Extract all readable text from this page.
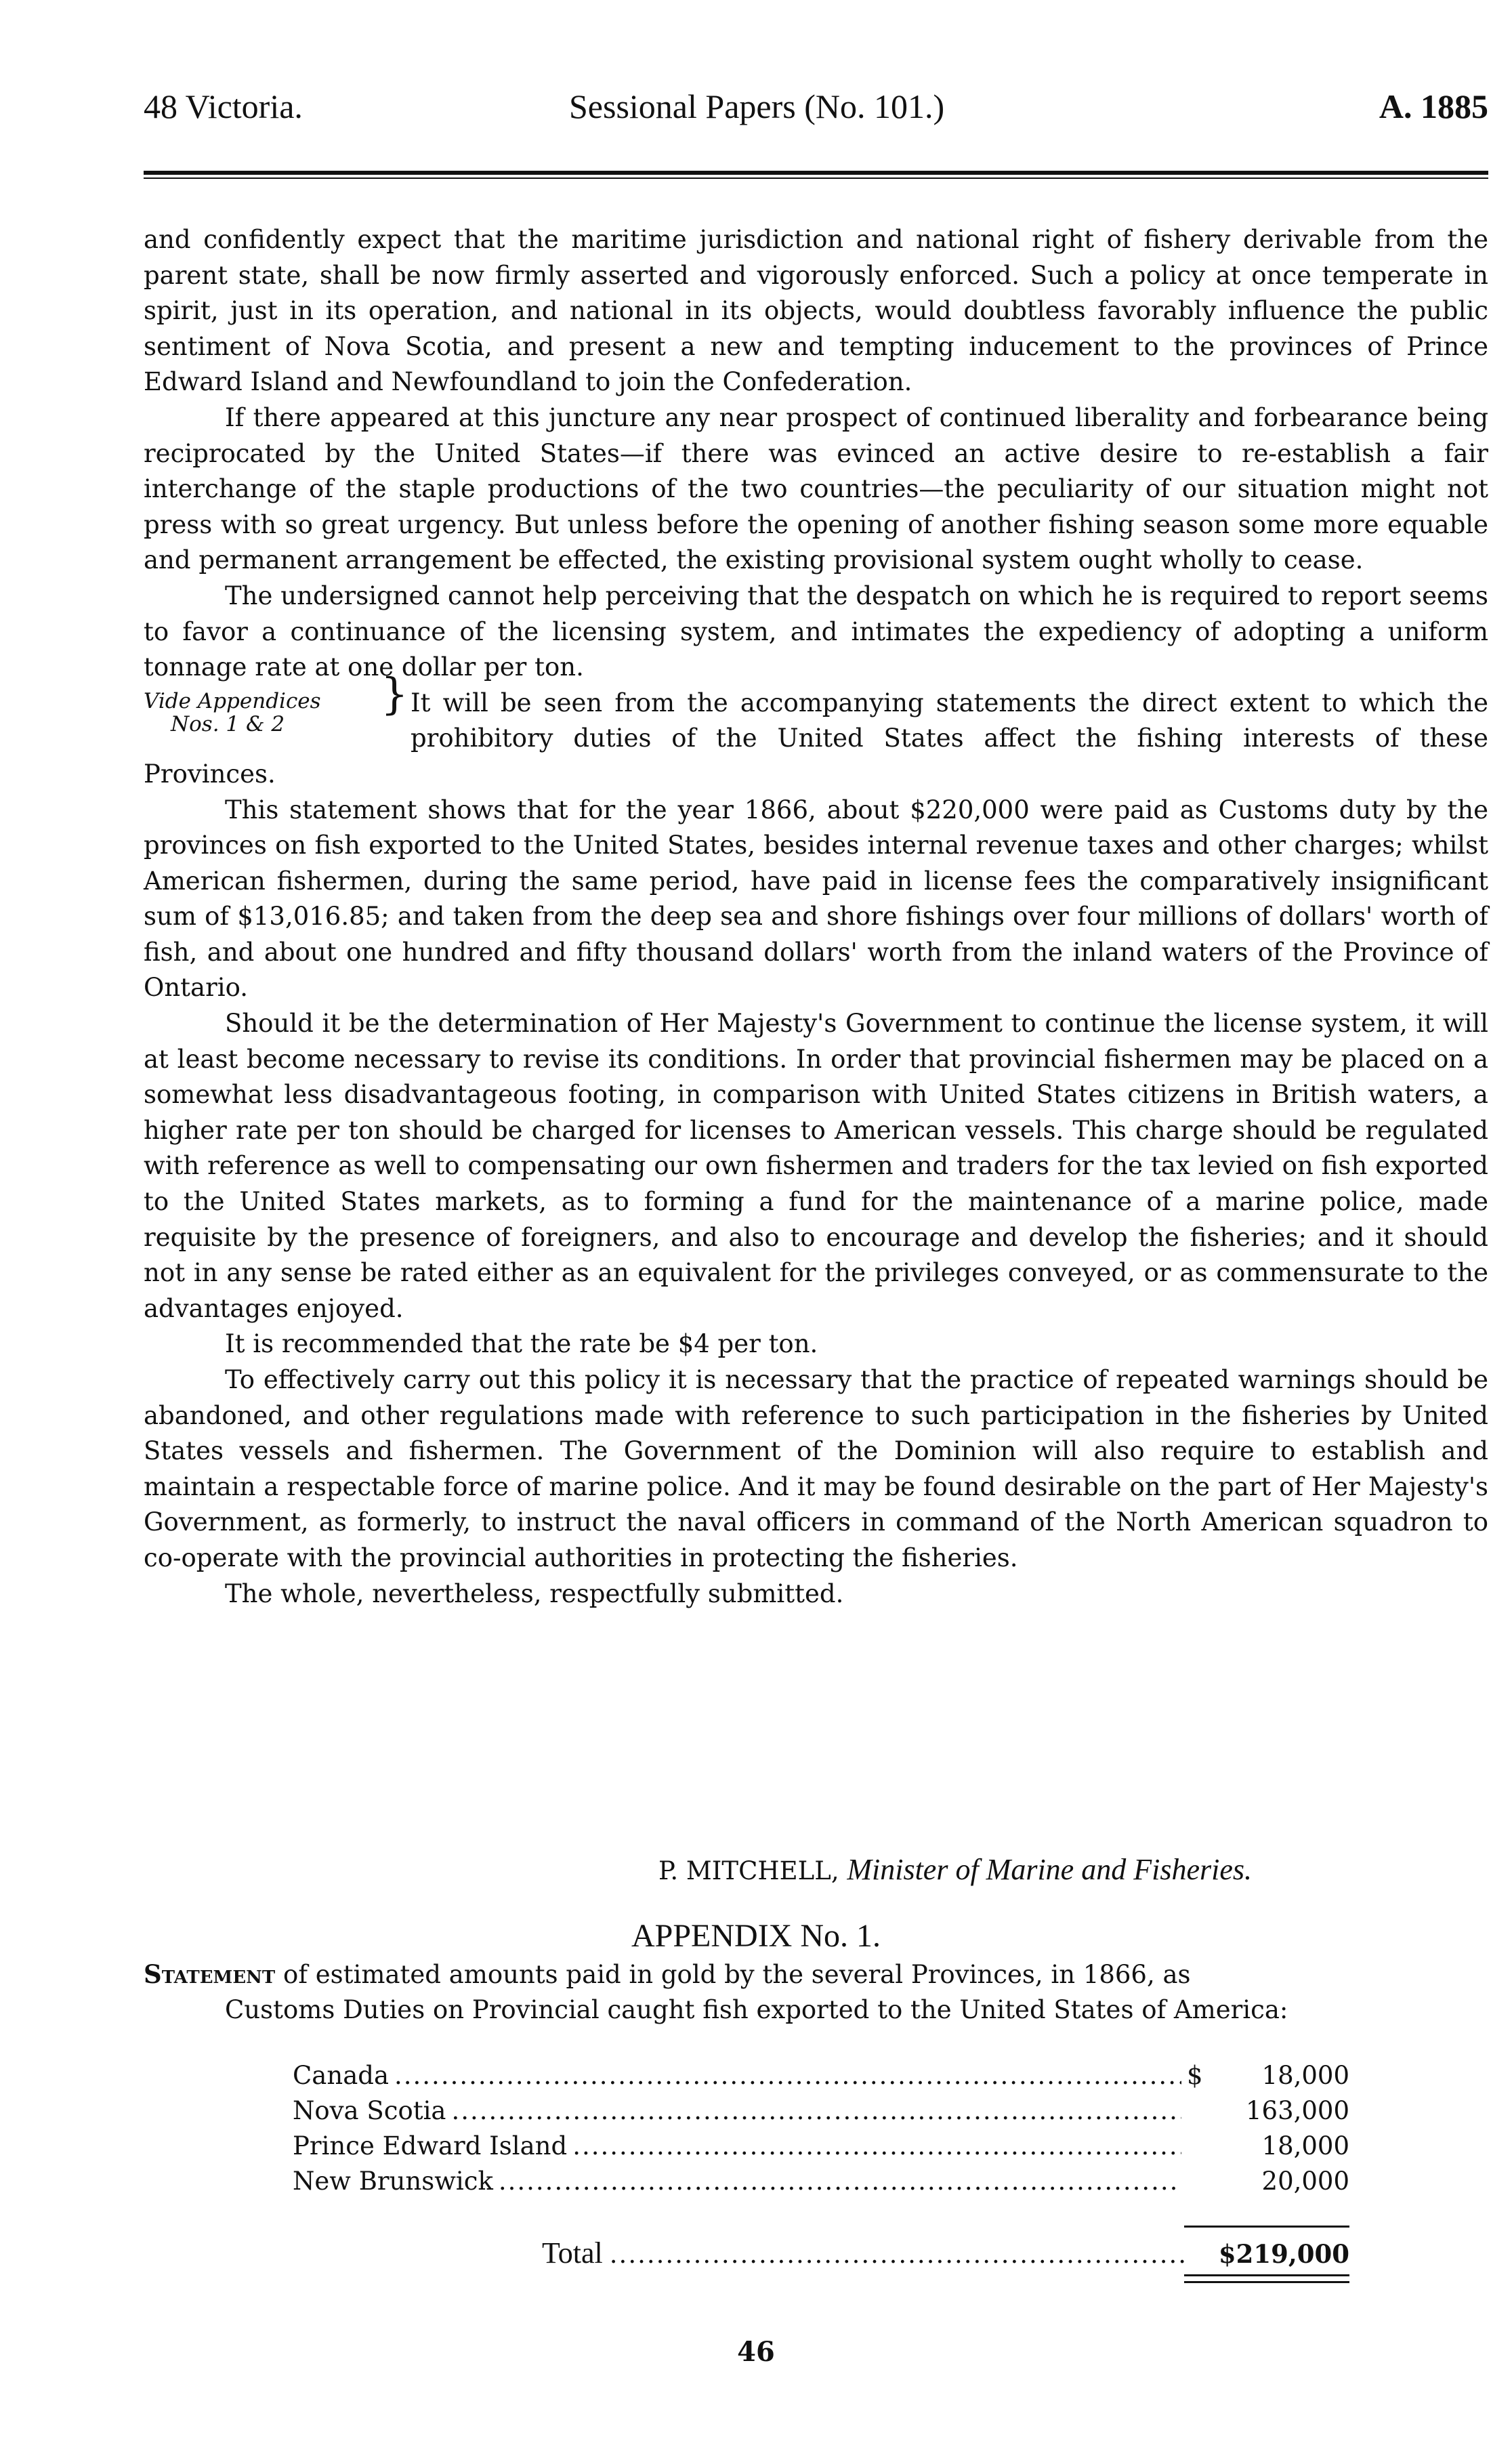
48 Victoria.	Sessional Papers (No. 101.)	A. 1885

and confidently expect that the maritime jurisdiction and national right of fishery derivable from the parent state, shall be now firmly asserted and vigorously enforced. Such a policy at once temperate in spirit, just in its operation, and national in its objects, would doubtless favorably influence the public sentiment of Nova Scotia, and present a new and tempting inducement to the provinces of Prince Edward Island and Newfoundland to join the Confederation.

If there appeared at this juncture any near prospect of continued liberality and forbearance being reciprocated by the United States—if there was evinced an active desire to re-establish a fair interchange of the staple productions of the two countries—the peculiarity of our situation might not press with so great urgency. But unless before the opening of another fishing season some more equable and permanent arrangement be effected, the existing provisional system ought wholly to cease.

The undersigned cannot help perceiving that the despatch on which he is required to report seems to favor a continuance of the licensing system, and intimates the expediency of adopting a uniform tonnage rate at one dollar per ton.

Vide Appendices
Nos. 1 & 2
} It will be seen from the accompanying statements the direct extent to which the prohibitory duties of the United States affect the fishing interests of these Provinces.

This statement shows that for the year 1866, about $220,000 were paid as Customs duty by the provinces on fish exported to the United States, besides internal revenue taxes and other charges; whilst American fishermen, during the same period, have paid in license fees the comparatively insignificant sum of $13,016.85; and taken from the deep sea and shore fishings over four millions of dollars' worth of fish, and about one hundred and fifty thousand dollars' worth from the inland waters of the Province of Ontario.

Should it be the determination of Her Majesty's Government to continue the license system, it will at least become necessary to revise its conditions. In order that provincial fishermen may be placed on a somewhat less disadvantageous footing, in comparison with United States citizens in British waters, a higher rate per ton should be charged for licenses to American vessels. This charge should be regulated with reference as well to compensating our own fishermen and traders for the tax levied on fish exported to the United States markets, as to forming a fund for the maintenance of a marine police, made requisite by the presence of foreigners, and also to encourage and develop the fisheries; and it should not in any sense be rated either as an equivalent for the privileges conveyed, or as commensurate to the advantages enjoyed.

It is recommended that the rate be $4 per ton.

To effectively carry out this policy it is necessary that the practice of repeated warnings should be abandoned, and other regulations made with reference to such participation in the fisheries by United States vessels and fishermen. The Government of the Dominion will also require to establish and maintain a respectable force of marine police. And it may be found desirable on the part of Her Majesty's Government, as formerly, to instruct the naval officers in command of the North American squadron to co-operate with the provincial authorities in protecting the fisheries.

The whole, nevertheless, respectfully submitted.

P. MITCHELL, Minister of Marine and Fisheries.
APPENDIX No. 1.
Statement of estimated amounts paid in gold by the several Provinces, in 1866, as
Customs Duties on Provincial caught fish exported to the United States of America:
Canada .....	$	18,000
Nova Scotia .....	163,000
Prince Edward Island .....	18,000
New Brunswick .....	20,000
Total .....	$219,000
46
